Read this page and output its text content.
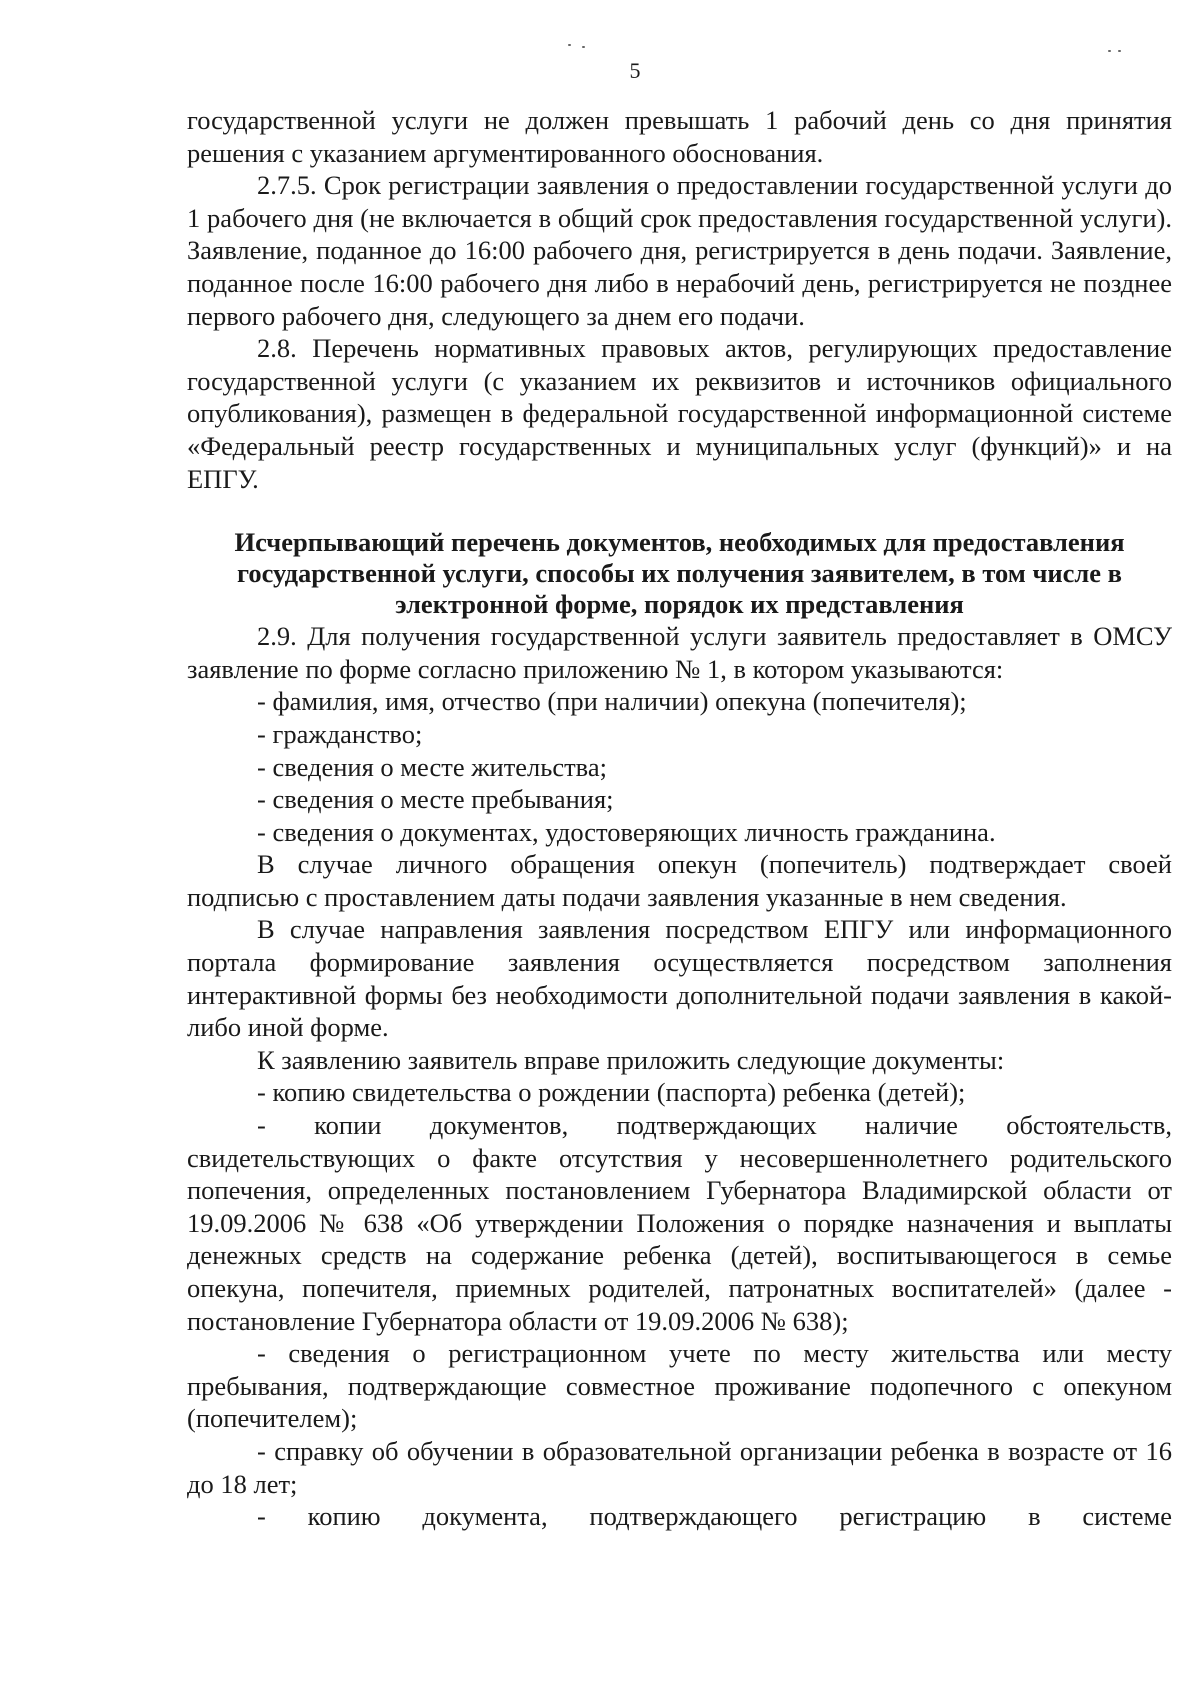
5

государственной услуги не должен превышать 1 рабочий день со дня принятия решения с указанием аргументированного обоснования.

2.7.5. Срок регистрации заявления о предоставлении государственной услуги до 1 рабочего дня (не включается в общий срок предоставления государственной услуги). Заявление, поданное до 16:00 рабочего дня, регистрируется в день подачи. Заявление, поданное после 16:00 рабочего дня либо в нерабочий день, регистрируется не позднее первого рабочего дня, следующего за днем его подачи.

2.8. Перечень нормативных правовых актов, регулирующих предоставление государственной услуги (с указанием их реквизитов и источников официального опубликования), размещен в федеральной государственной информационной системе «Федеральный реестр государственных и муниципальных услуг (функций)» и на ЕПГУ.

Исчерпывающий перечень документов, необходимых для предоставления государственной услуги, способы их получения заявителем, в том числе в электронной форме, порядок их представления

2.9. Для получения государственной услуги заявитель предоставляет в ОМСУ заявление по форме согласно приложению № 1, в котором указываются:

- фамилия, имя, отчество (при наличии) опекуна (попечителя);

- гражданство;

- сведения о месте жительства;

- сведения о месте пребывания;

- сведения о документах, удостоверяющих личность гражданина.

В случае личного обращения опекун (попечитель) подтверждает своей подписью с проставлением даты подачи заявления указанные в нем сведения.

В случае направления заявления посредством ЕПГУ или информационного портала формирование заявления осуществляется посредством заполнения интерактивной формы без необходимости дополнительной подачи заявления в какой-либо иной форме.

К заявлению заявитель вправе приложить следующие документы:

- копию свидетельства о рождении (паспорта) ребенка (детей);

- копии документов, подтверждающих наличие обстоятельств, свидетельствующих о факте отсутствия у несовершеннолетнего родительского попечения, определенных постановлением Губернатора Владимирской области от 19.09.2006 № 638 «Об утверждении Положения о порядке назначения и выплаты денежных средств на содержание ребенка (детей), воспитывающегося в семье опекуна, попечителя, приемных родителей, патронатных воспитателей» (далее - постановление Губернатора области от 19.09.2006 № 638);

- сведения о регистрационном учете по месту жительства или месту пребывания, подтверждающие совместное проживание подопечного с опекуном (попечителем);

- справку об обучении в образовательной организации ребенка в возрасте от 16 до 18 лет;

- копию документа, подтверждающего регистрацию в системе
